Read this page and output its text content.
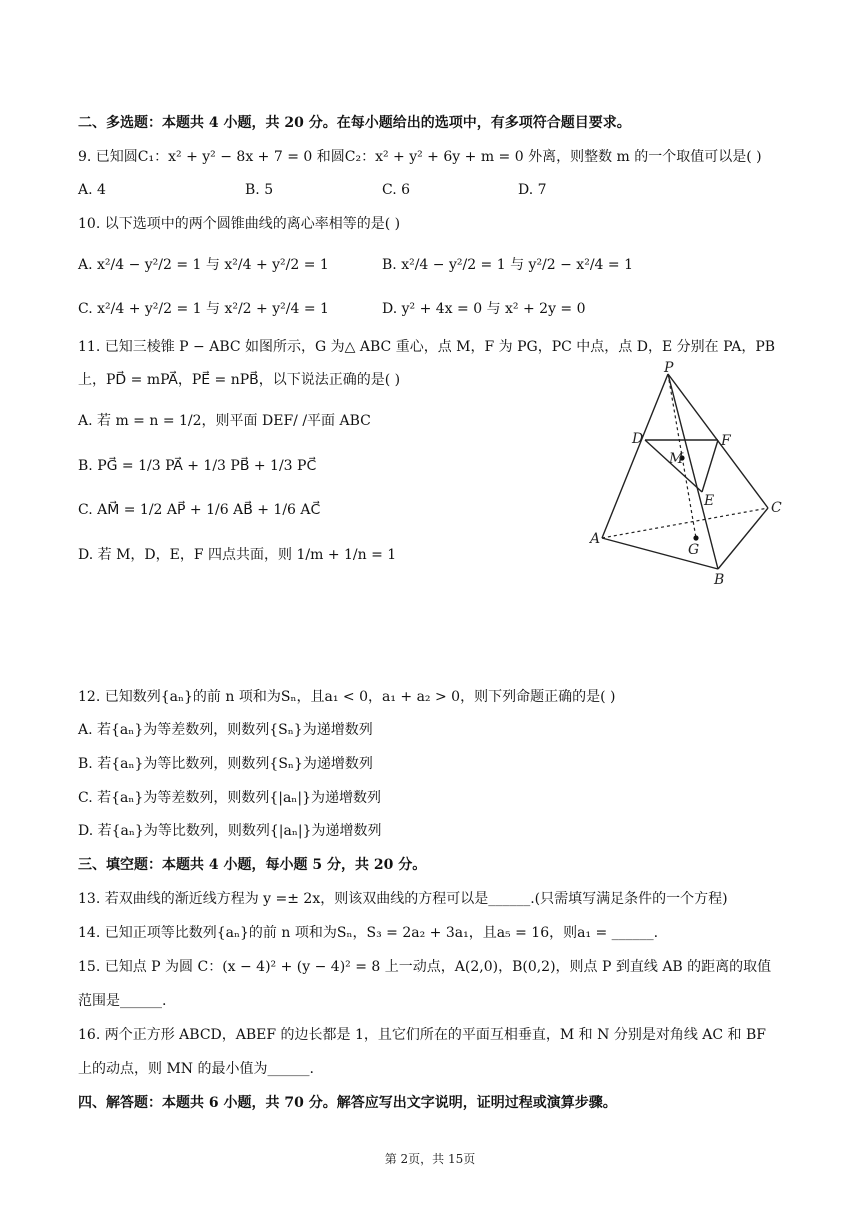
二、多选题：本题共 4 小题，共 20 分。在每小题给出的选项中，有多项符合题目要求。
9. 已知圆C₁：x² + y² − 8x + 7 = 0 和圆C₂：x² + y² + 6y + m = 0 外离，则整数 m 的一个取值可以是( )
A. 4	B. 5	C. 6	D. 7
10. 以下选项中的两个圆锥曲线的离心率相等的是( )
A. x²/4 − y²/2 = 1 与 x²/4 + y²/2 = 1	B. x²/4 − y²/2 = 1 与 y²/2 − x²/4 = 1
C. x²/4 + y²/2 = 1 与 x²/2 + y²/4 = 1	D. y² + 4x = 0 与 x² + 2y = 0
11. 已知三棱锥 P − ABC 如图所示，G 为△ ABC 重心，点 M，F 为 PG，PC 中点，点 D，E 分别在 PA，PB
上，PD⃗ = mPA⃗，PE⃗ = nPB⃗，以下说法正确的是( )
A. 若 m = n = 1/2，则平面 DEF/ /平面 ABC
B. PG⃗ = 1/3 PA⃗ + 1/3 PB⃗ + 1/3 PC⃗
C. AM⃗ = 1/2 AP⃗ + 1/6 AB⃗ + 1/6 AC⃗
D. 若 M，D，E，F 四点共面，则 1/m + 1/n = 1
P
D	F
M
E	C
A
G
B
12. 已知数列{aₙ}的前 n 项和为Sₙ，且a₁ < 0，a₁ + a₂ > 0，则下列命题正确的是( )
A. 若{aₙ}为等差数列，则数列{Sₙ}为递增数列
B. 若{aₙ}为等比数列，则数列{Sₙ}为递增数列
C. 若{aₙ}为等差数列，则数列{|aₙ|}为递增数列
D. 若{aₙ}为等比数列，则数列{|aₙ|}为递增数列
三、填空题：本题共 4 小题，每小题 5 分，共 20 分。
13. 若双曲线的渐近线方程为 y =± 2x，则该双曲线的方程可以是______.(只需填写满足条件的一个方程)
14. 已知正项等比数列{aₙ}的前 n 项和为Sₙ，S₃ = 2a₂ + 3a₁，且a₅ = 16，则a₁ = ______.
15. 已知点 P 为圆 C：(x − 4)² + (y − 4)² = 8 上一动点，A(2,0)，B(0,2)，则点 P 到直线 AB 的距离的取值
范围是______.
16. 两个正方形 ABCD，ABEF 的边长都是 1，且它们所在的平面互相垂直，M 和 N 分别是对角线 AC 和 BF
上的动点，则 MN 的最小值为______.
四、解答题：本题共 6 小题，共 70 分。解答应写出文字说明，证明过程或演算步骤。
第 2页，共 15页
